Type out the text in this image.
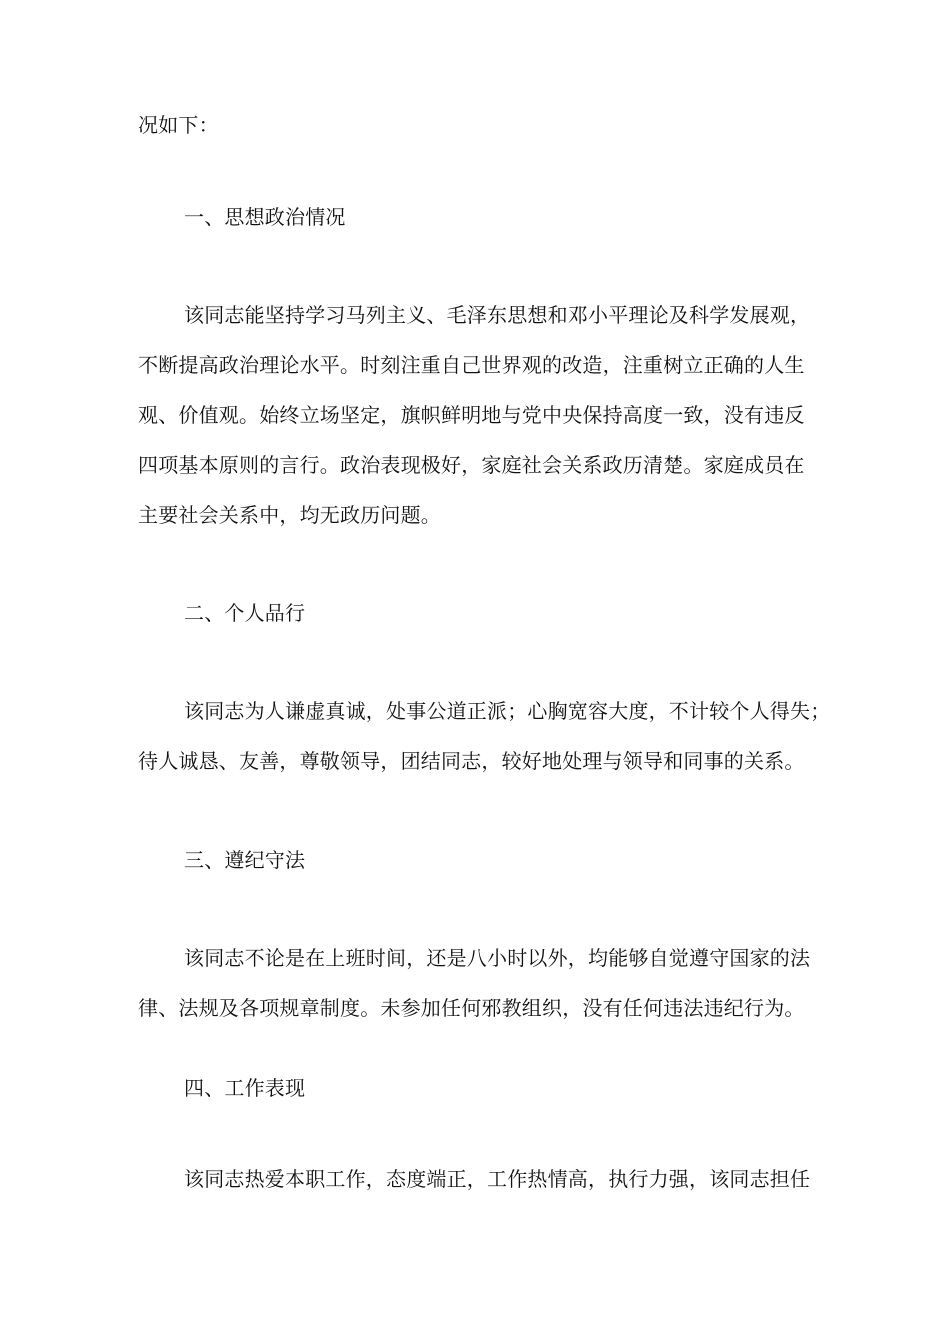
况如下：
一、思想政治情况
该同志能坚持学习马列主义、毛泽东思想和邓小平理论及科学发展观，
不断提高政治理论水平。时刻注重自己世界观的改造，注重树立正确的人生
观、价值观。始终立场坚定，旗帜鲜明地与党中央保持高度一致，没有违反
四项基本原则的言行。政治表现极好，家庭社会关系政历清楚。家庭成员在
主要社会关系中，均无政历问题。
二、个人品行
该同志为人谦虚真诚，处事公道正派；心胸宽容大度，不计较个人得失；
待人诚恳、友善，尊敬领导，团结同志，较好地处理与领导和同事的关系。
三、遵纪守法
该同志不论是在上班时间，还是八小时以外，均能够自觉遵守国家的法
律、法规及各项规章制度。未参加任何邪教组织，没有任何违法违纪行为。
四、工作表现
该同志热爱本职工作，态度端正，工作热情高，执行力强，该同志担任
